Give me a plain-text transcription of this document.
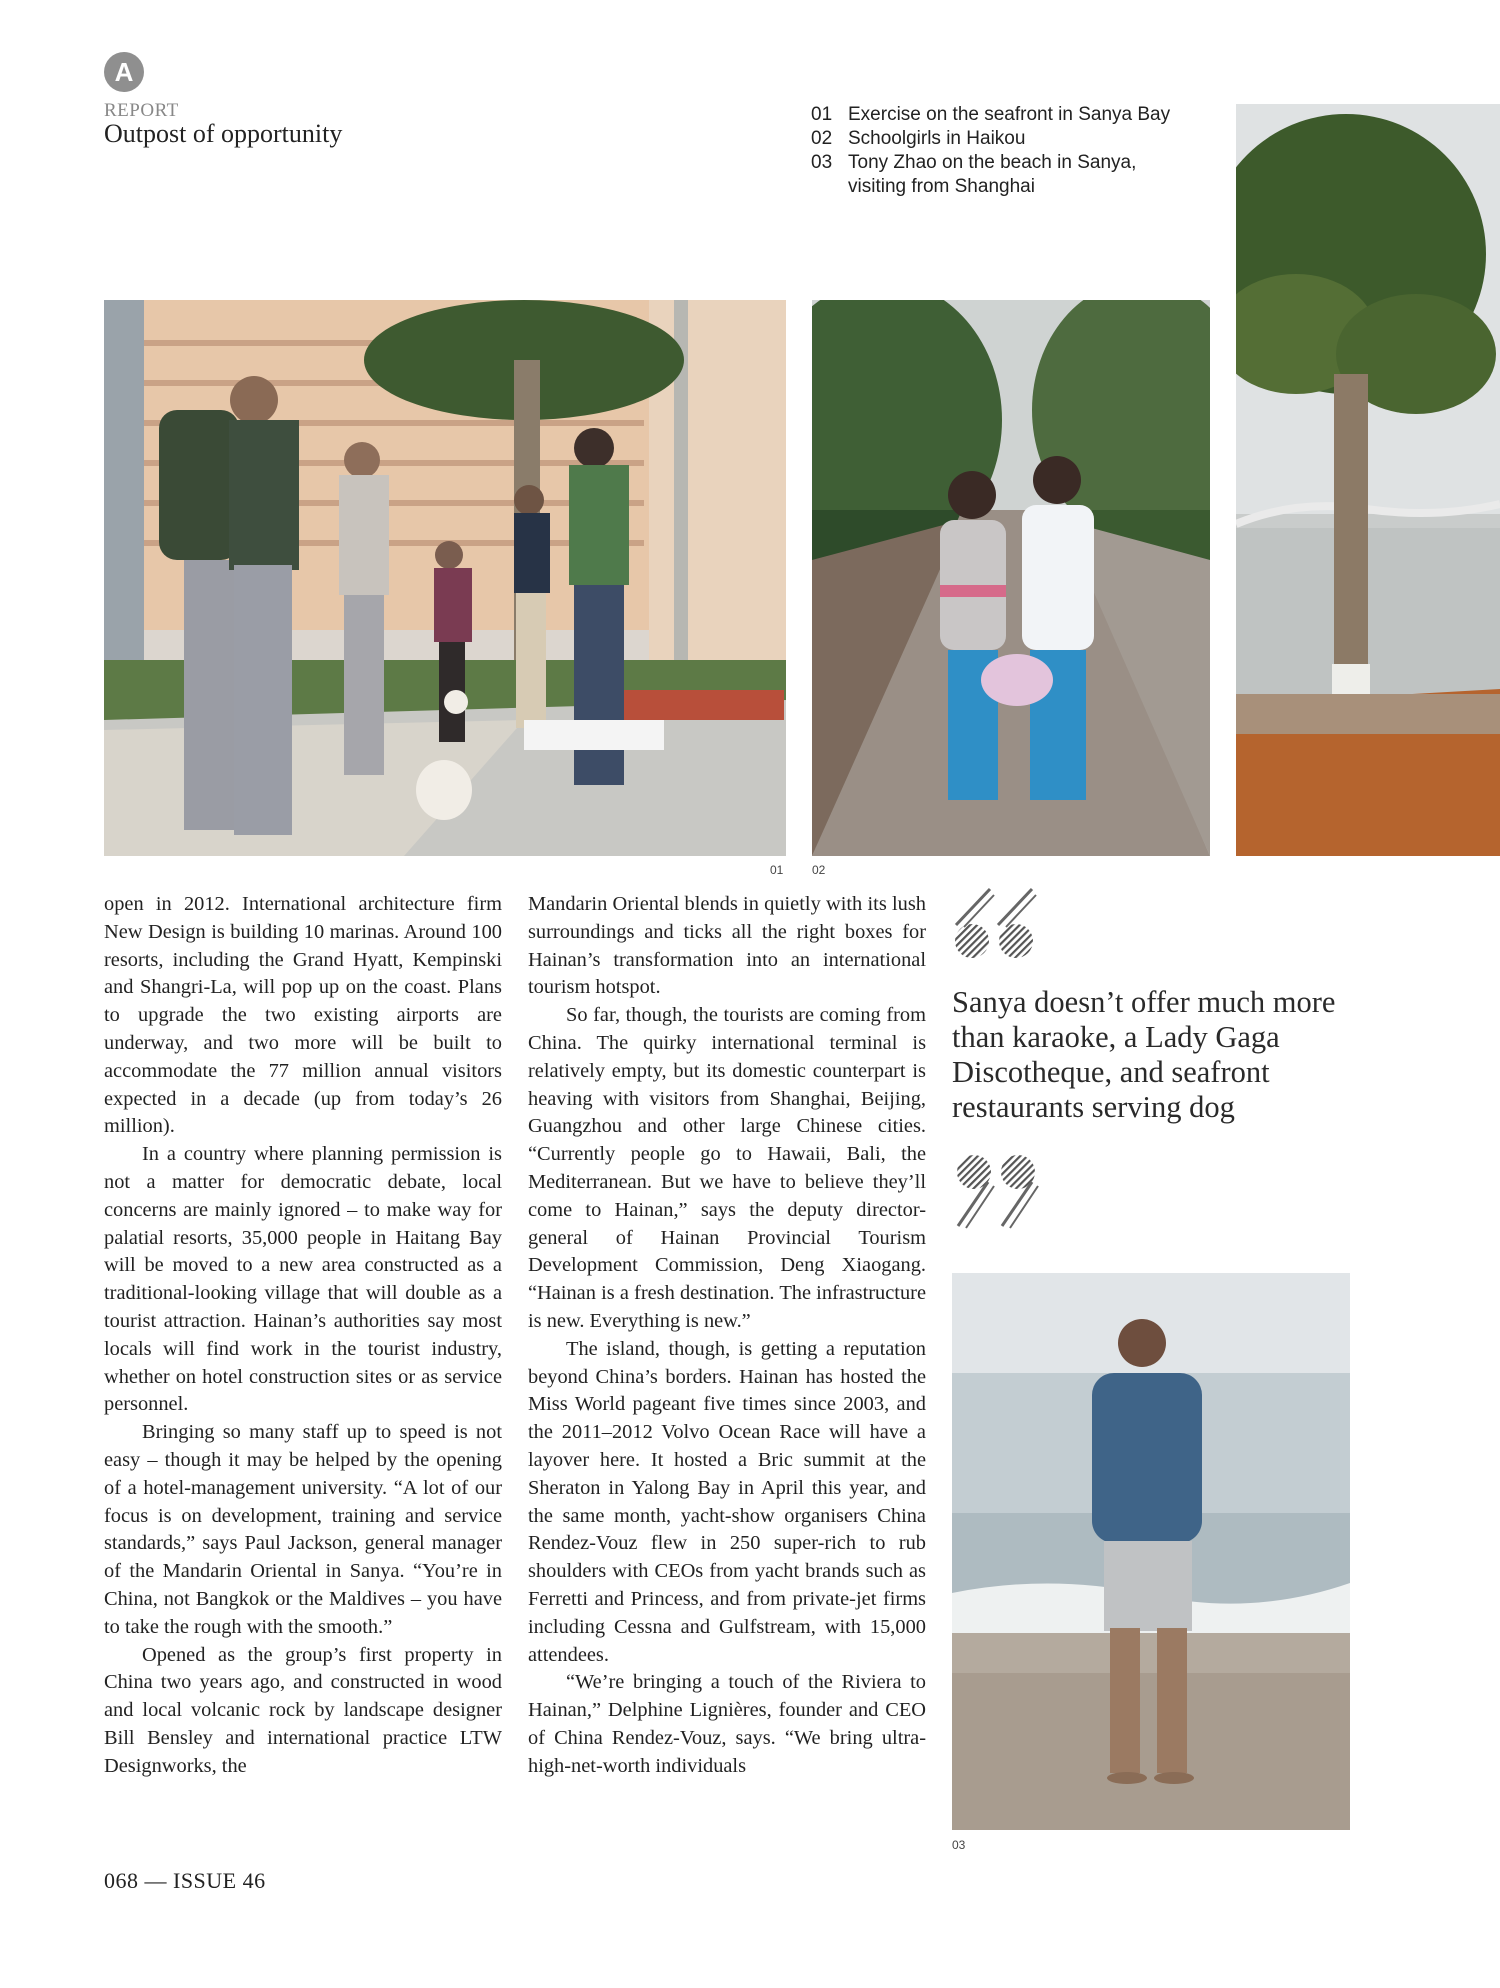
A
REPORT
Outpost of opportunity
01 Exercise on the seafront in Sanya Bay
02 Schoolgirls in Haikou
03 Tony Zhao on the beach in Sanya,
visiting from Shanghai
01 02

open in 2012. International architecture firm New Design is building 10 marinas. Around 100 resorts, including the Grand Hyatt, Kempinski and Shangri-La, will pop up on the coast. Plans to upgrade the two existing airports are underway, and two more will be built to accommodate the 77 million annual visitors expected in a decade (up from today’s 26 million).

In a country where planning permission is not a matter for democratic debate, local concerns are mainly ignored – to make way for palatial resorts, 35,000 people in Haitang Bay will be moved to a new area constructed as a traditional-looking village that will double as a tourist attraction. Hainan’s authorities say most locals will find work in the tourist industry, whether on hotel construction sites or as service personnel.

Bringing so many staff up to speed is not easy – though it may be helped by the opening of a hotel-management university. “A lot of our focus is on development, training and service standards,” says Paul Jackson, general manager of the Mandarin Oriental in Sanya. “You’re in China, not Bangkok or the Maldives – you have to take the rough with the smooth.”

Opened as the group’s first property in China two years ago, and constructed in wood and local volcanic rock by landscape designer Bill Bensley and international practice LTW Designworks, the

Mandarin Oriental blends in quietly with its lush surroundings and ticks all the right boxes for Hainan’s transformation into an international tourism hotspot.

So far, though, the tourists are coming from China. The quirky international terminal is relatively empty, but its domestic counterpart is heaving with visitors from Shanghai, Beijing, Guangzhou and other large Chinese cities. “Currently people go to Hawaii, Bali, the Mediterranean. But we have to believe they’ll come to Hainan,” says the deputy director-general of Hainan Provincial Tourism Development Commission, Deng Xiaogang. “Hainan is a fresh destination. The infrastructure is new. Everything is new.”

The island, though, is getting a reputation beyond China’s borders. Hainan has hosted the Miss World pageant five times since 2003, and the 2011–2012 Volvo Ocean Race will have a layover here. It hosted a Bric summit at the Sheraton in Yalong Bay in April this year, and the same month, yacht-show organisers China Rendez-Vouz flew in 250 super-rich to rub shoulders with CEOs from yacht brands such as Ferretti and Princess, and from private-jet firms including Cessna and Gulfstream, with 15,000 attendees.

“We’re bringing a touch of the Riviera to Hainan,” Delphine Lignières, founder and CEO of China Rendez-Vouz, says. “We bring ultra-high-net-worth individuals

Sanya doesn’t offer much more than karaoke, a Lady Gaga Discotheque, and seafront restaurants serving dog
03
068 — ISSUE 46
